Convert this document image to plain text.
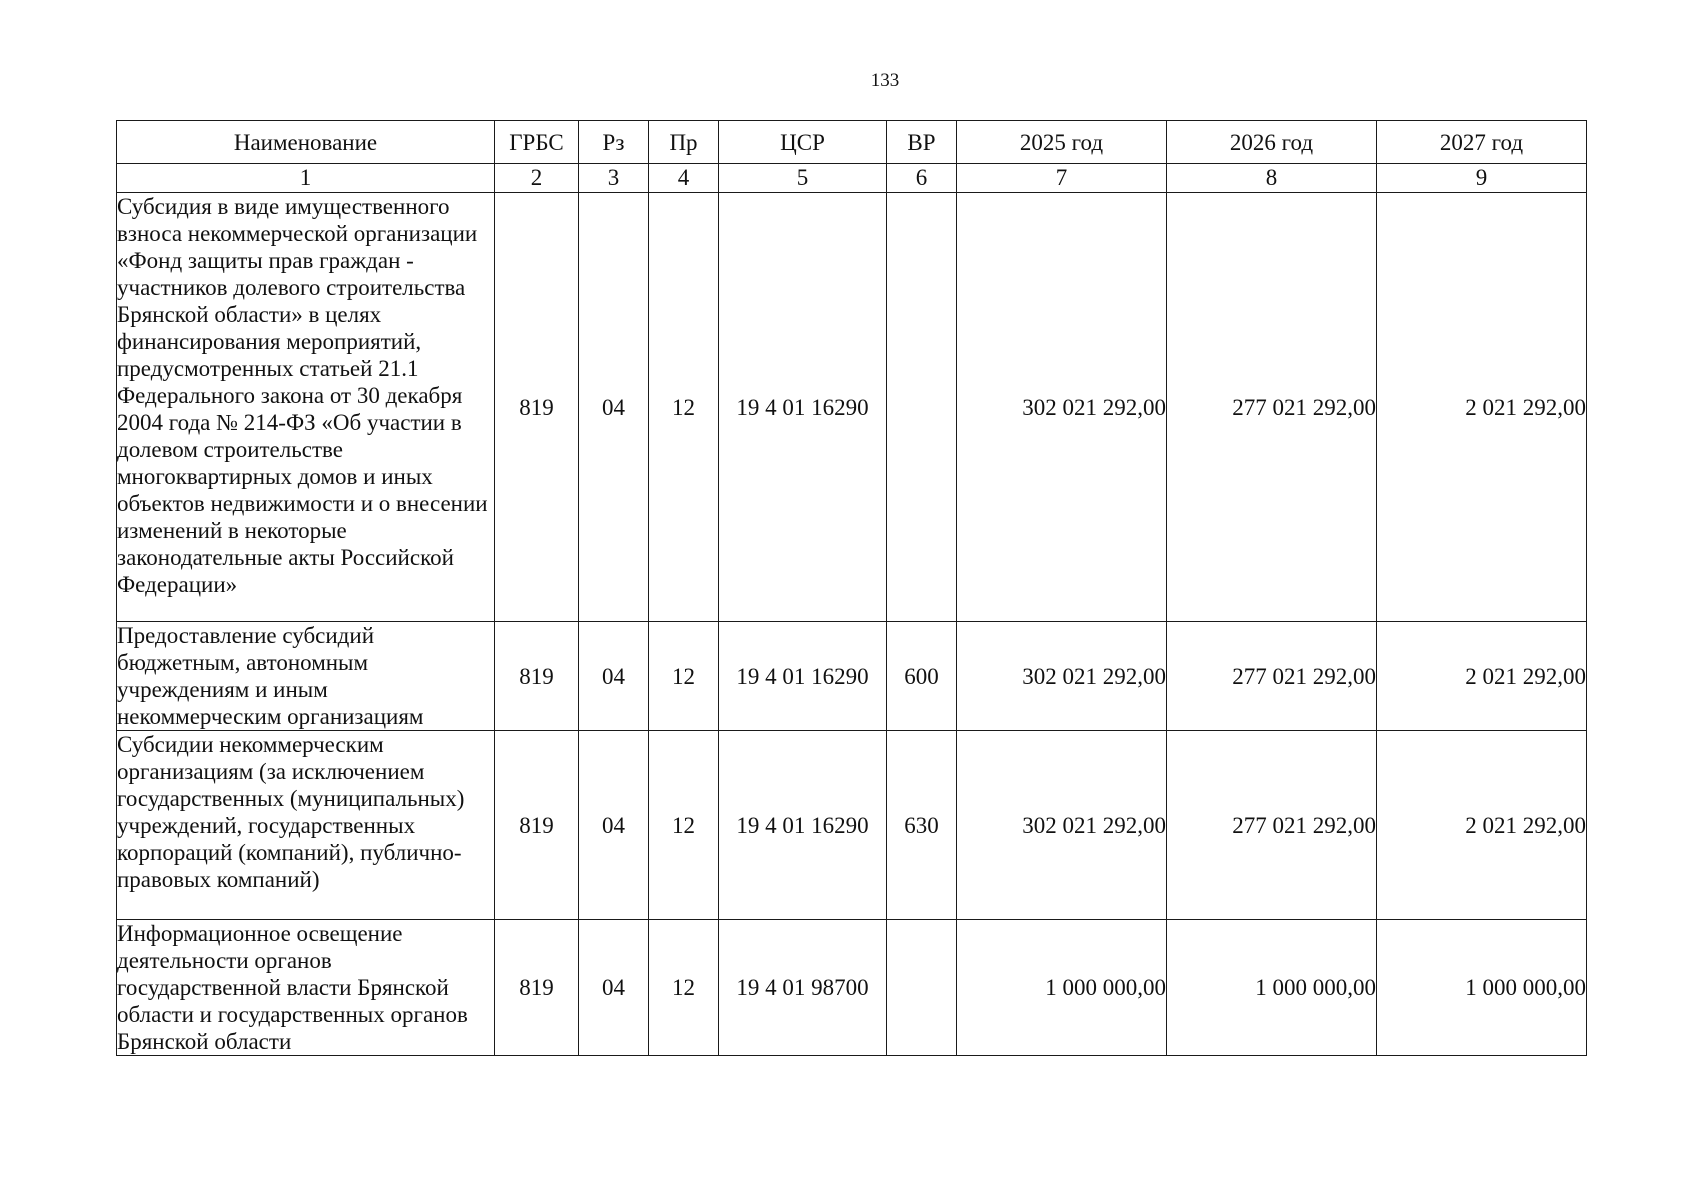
133
Наименование	ГРБС	Рз	Пр	ЦСР	ВР	2025 год	2026 год	2027 год
1	2	3	4	5	6	7	8	9
Субсидия в виде имущественного взноса некоммерческой организации «Фонд защиты прав граждан - участников долевого строительства Брянской области» в целях финансирования мероприятий, предусмотренных статьей 21.1 Федерального закона от 30 декабря 2004 года № 214-ФЗ «Об участии в долевом строительстве многоквартирных домов и иных объектов недвижимости и о внесении изменений в некоторые законодательные акты Российской Федерации»	819	04	12	19 4 01 16290		302 021 292,00	277 021 292,00	2 021 292,00
Предоставление субсидий бюджетным, автономным учреждениям и иным некоммерческим организациям	819	04	12	19 4 01 16290	600	302 021 292,00	277 021 292,00	2 021 292,00
Субсидии некоммерческим организациям (за исключением государственных (муниципальных) учреждений, государственных корпораций (компаний), публично-правовых компаний)	819	04	12	19 4 01 16290	630	302 021 292,00	277 021 292,00	2 021 292,00
Информационное освещение деятельности органов государственной власти Брянской области и государственных органов Брянской области	819	04	12	19 4 01 98700		1 000 000,00	1 000 000,00	1 000 000,00
